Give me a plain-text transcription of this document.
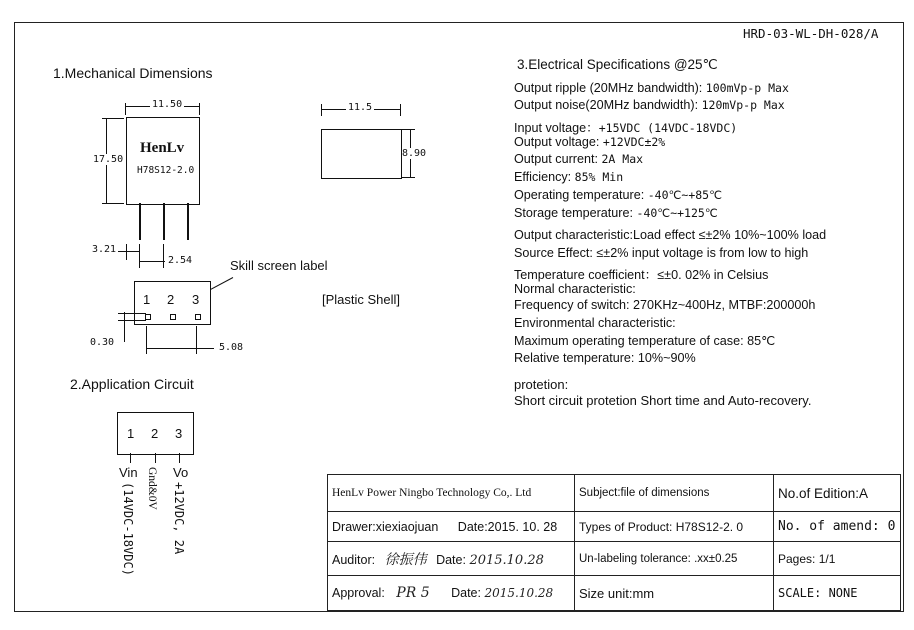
HRD-03-WL-DH-028/A
1.Mechanical Dimensions
11.50
HenLv
H78S12-2.0
17.50
3.21
2.54
11.5
8.90
Skill screen label
[Plastic Shell]
1 2 3
0.30	5.08
2.Application Circuit
1 2 3
Vin
(14VDC-18VDC) Gnd&0V Vo
+12VDC, 2A
3.Electrical Specifications @25℃
Output ripple (20MHz bandwidth): 100mVp-p Max
Output noise(20MHz bandwidth): 120mVp-p Max
Input voltage：+15VDC (14VDC-18VDC)
Output voltage: +12VDC±2%
Output current: 2A Max
Efficiency: 85% Min
Operating temperature: -40℃~+85℃
Storage temperature: -40℃~+125℃
Output characteristic:Load effect ≤±2% 10%~100% load
Source Effect: ≤±2% input voltage is from low to high
Temperature coefficient：≤±0. 02% in Celsius
Normal characteristic:
Frequency of switch: 270KHz~400Hz, MTBF:200000h
Environmental characteristic:
Maximum operating temperature of case: 85℃
Relative temperature: 10%~90%
protetion:
Short circuit protetion Short time and Auto-recovery.
HenLv Power Ningbo Technology Co,. Ltd	Subject:file of dimensions	No.of Edition:A
Drawer:xiexiaojuan Date:2015. 10. 28	Types of Product: H78S12-2. 0	No. of amend: 0
Auditor: 徐振伟 Date: 2015.10.28	Un-labeling tolerance: .xx±0.25	Pages: 1/1
Approval: PR 5 Date: 2015.10.28	Size unit:mm	SCALE: NONE
